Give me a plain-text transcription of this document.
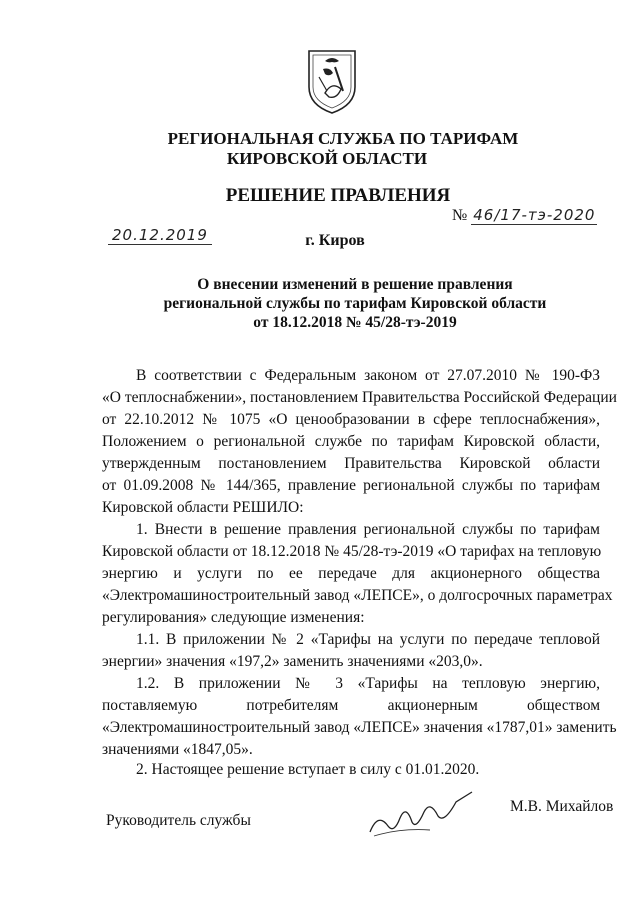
РЕГИОНАЛЬНАЯ СЛУЖБА ПО ТАРИФАМ
КИРОВСКОЙ ОБЛАСТИ
РЕШЕНИЕ ПРАВЛЕНИЯ
№ 46/17-тэ-2020
20.12.2019	г. Киров
О внесении изменений в решение правления
региональной службы по тарифам Кировской области
от 18.12.2018 № 45/28-тэ-2019
В соответствии с Федеральным законом от 27.07.2010 № 190-ФЗ
«О теплоснабжении», постановлением Правительства Российской Федерации
от 22.10.2012 № 1075 «О ценообразовании в сфере теплоснабжения»,
Положением о региональной службе по тарифам Кировской области,
утвержденным постановлением Правительства Кировской области
от 01.09.2008 № 144/365, правление региональной службы по тарифам
Кировской области РЕШИЛО:
1. Внести в решение правления региональной службы по тарифам
Кировской области от 18.12.2018 № 45/28-тэ-2019 «О тарифах на тепловую
энергию и услуги по ее передаче для акционерного общества
«Электромашиностроительный завод «ЛЕПСЕ», о долгосрочных параметрах
регулирования» следующие изменения:
1.1. В приложении № 2 «Тарифы на услуги по передаче тепловой
энергии» значения «197,2» заменить значениями «203,0».
1.2. В приложении № 3 «Тарифы на тепловую энергию,
поставляемую потребителям акционерным обществом
«Электромашиностроительный завод «ЛЕПСЕ» значения «1787,01» заменить
значениями «1847,05».
2. Настоящее решение вступает в силу с 01.01.2020.
Руководитель службы
М.В. Михайлов
